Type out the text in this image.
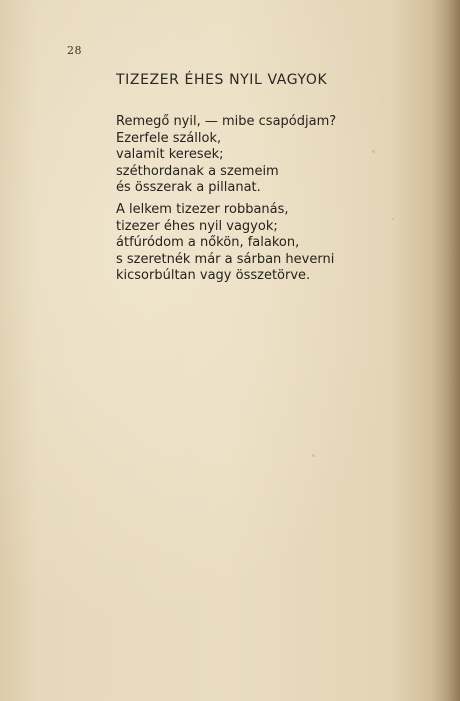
28
TIZEZER ÉHES NYIL VAGYOK

Remegő nyil, — mibe csapódjam?
Ezerfele szállok,
valamit keresek;
széthordanak a szemeim
és összerak a pillanat.

A lelkem tizezer robbanás,
tizezer éhes nyil vagyok;
átfúródom a nőkön, falakon,
s szeretnék már a sárban heverni
kicsorbúltan vagy összetörve.
